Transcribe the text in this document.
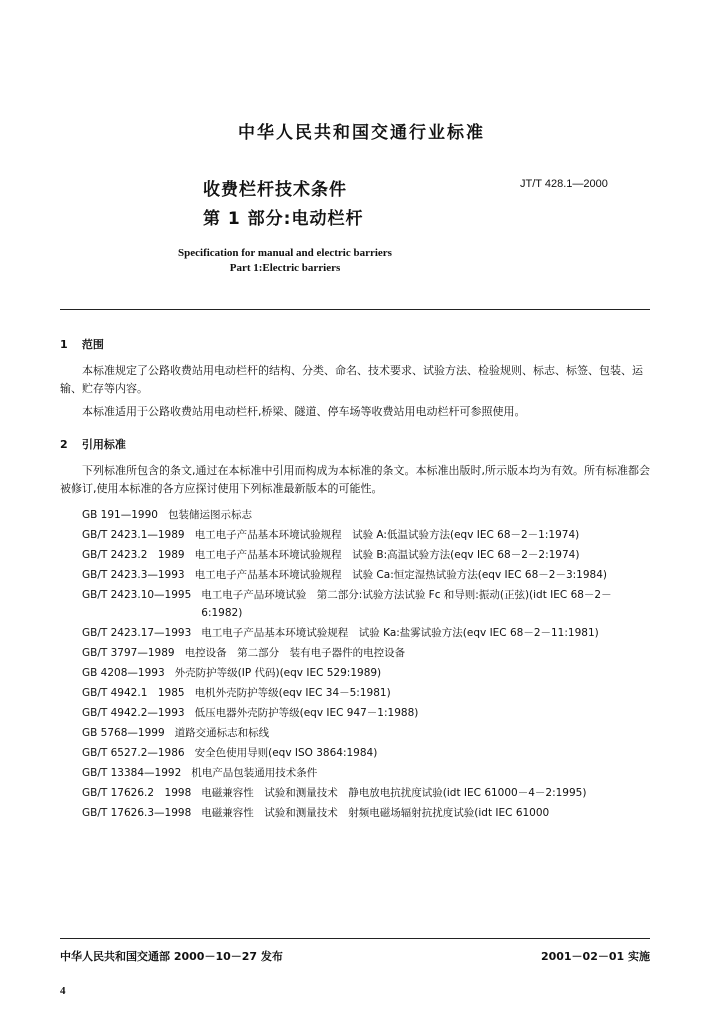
中华人民共和国交通行业标准
收费栏杆技术条件	JT/T 428.1—2000
第 1 部分:电动栏杆
Specification for manual and electric barriers
Part 1:Electric barriers
1 范围
本标准规定了公路收费站用电动栏杆的结构、分类、命名、技术要求、试验方法、检验规则、标志、标签、包装、运输、贮存等内容。
本标准适用于公路收费站用电动栏杆,桥梁、隧道、停车场等收费站用电动栏杆可参照使用。
2 引用标准
下列标准所包含的条文,通过在本标准中引用而构成为本标准的条文。本标准出版时,所示版本均为有效。所有标准都会被修订,使用本标准的各方应探讨使用下列标准最新版本的可能性。
GB 191—1990 包装储运图示标志
GB/T 2423.1—1989 电工电子产品基本环境试验规程　试验 A:低温试验方法(eqv IEC 68－2－1:1974)
GB/T 2423.2　1989 电工电子产品基本环境试验规程　试验 B:高温试验方法(eqv IEC 68－2－2:1974)
GB/T 2423.3—1993 电工电子产品基本环境试验规程　试验 Ca:恒定湿热试验方法(eqv IEC 68－2－3:1984)
GB/T 2423.10—1995 电工电子产品环境试验　第二部分:试验方法试验 Fc 和导则:振动(正弦)(idt IEC 68－2－6:1982)
GB/T 2423.17—1993 电工电子产品基本环境试验规程　试验 Ka:盐雾试验方法(eqv IEC 68－2－11:1981)
GB/T 3797—1989 电控设备　第二部分　装有电子器件的电控设备
GB 4208—1993 外壳防护等级(IP 代码)(eqv IEC 529:1989)
GB/T 4942.1　1985 电机外壳防护等级(eqv IEC 34－5:1981)
GB/T 4942.2—1993 低压电器外壳防护等级(eqv IEC 947－1:1988)
GB 5768—1999 道路交通标志和标线
GB/T 6527.2—1986 安全色使用导则(eqv ISO 3864:1984)
GB/T 13384—1992 机电产品包装通用技术条件
GB/T 17626.2　1998 电磁兼容性　试验和测量技术　静电放电抗扰度试验(idt IEC 61000－4－2:1995)
GB/T 17626.3—1998 电磁兼容性　试验和测量技术　射频电磁场辐射抗扰度试验(idt IEC 61000
中华人民共和国交通部 2000－10－27 发布	2001－02－01 实施
4
